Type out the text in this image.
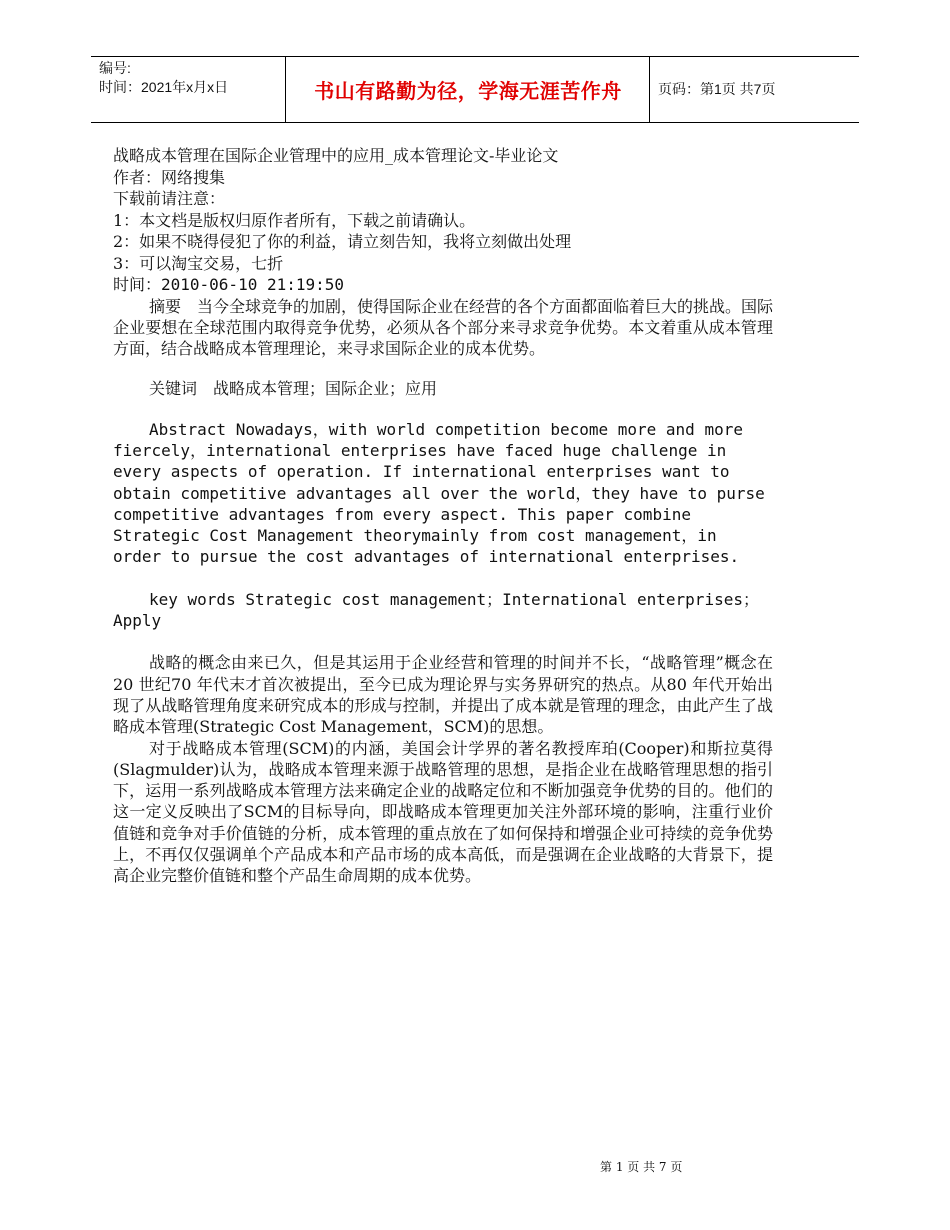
编号:
时间：2021年x月x日	书山有路勤为径，学海无涯苦作舟	页码：第1页 共7页
战略成本管理在国际企业管理中的应用_成本管理论文-毕业论文
作者：网络搜集
下载前请注意：
1：本文档是版权归原作者所有，下载之前请确认。
2：如果不晓得侵犯了你的利益，请立刻告知，我将立刻做出处理
3：可以淘宝交易，七折
时间：2010-06-10 21:19:50

摘要　当今全球竞争的加剧，使得国际企业在经营的各个方面都面临着巨大的挑战。国际企业要想在全球范围内取得竞争优势，必须从各个部分来寻求竞争优势。本文着重从成本管理方面，结合战略成本管理理论，来寻求国际企业的成本优势。

关键词　战略成本管理；国际企业；应用

Abstract Nowadays，with world competition become more and more fiercely，international enterprises have faced huge challenge in every aspects of operation. If international enterprises want to obtain competitive advantages all over the world，they have to purse competitive advantages from every aspect. This paper combine Strategic Cost Management theorymainly from cost management，in order to pursue the cost advantages of international enterprises.

key words Strategic cost management；International enterprises；Apply

战略的概念由来已久，但是其运用于企业经营和管理的时间并不长，“战略管理”概念在20 世纪70 年代末才首次被提出，至今已成为理论界与实务界研究的热点。从80 年代开始出现了从战略管理角度来研究成本的形成与控制，并提出了成本就是管理的理念，由此产生了战略成本管理(Strategic Cost Management，SCM)的思想。

对于战略成本管理(SCM)的内涵，美国会计学界的著名教授库珀(Cooper)和斯拉莫得(Slagmulder)认为，战略成本管理来源于战略管理的思想，是指企业在战略管理思想的指引下，运用一系列战略成本管理方法来确定企业的战略定位和不断加强竞争优势的目的。他们的这一定义反映出了SCM的目标导向，即战略成本管理更加关注外部环境的影响，注重行业价值链和竞争对手价值链的分析，成本管理的重点放在了如何保持和增强企业可持续的竞争优势上，不再仅仅强调单个产品成本和产品市场的成本高低，而是强调在企业战略的大背景下，提高企业完整价值链和整个产品生命周期的成本优势。

第 1 页 共 7 页
